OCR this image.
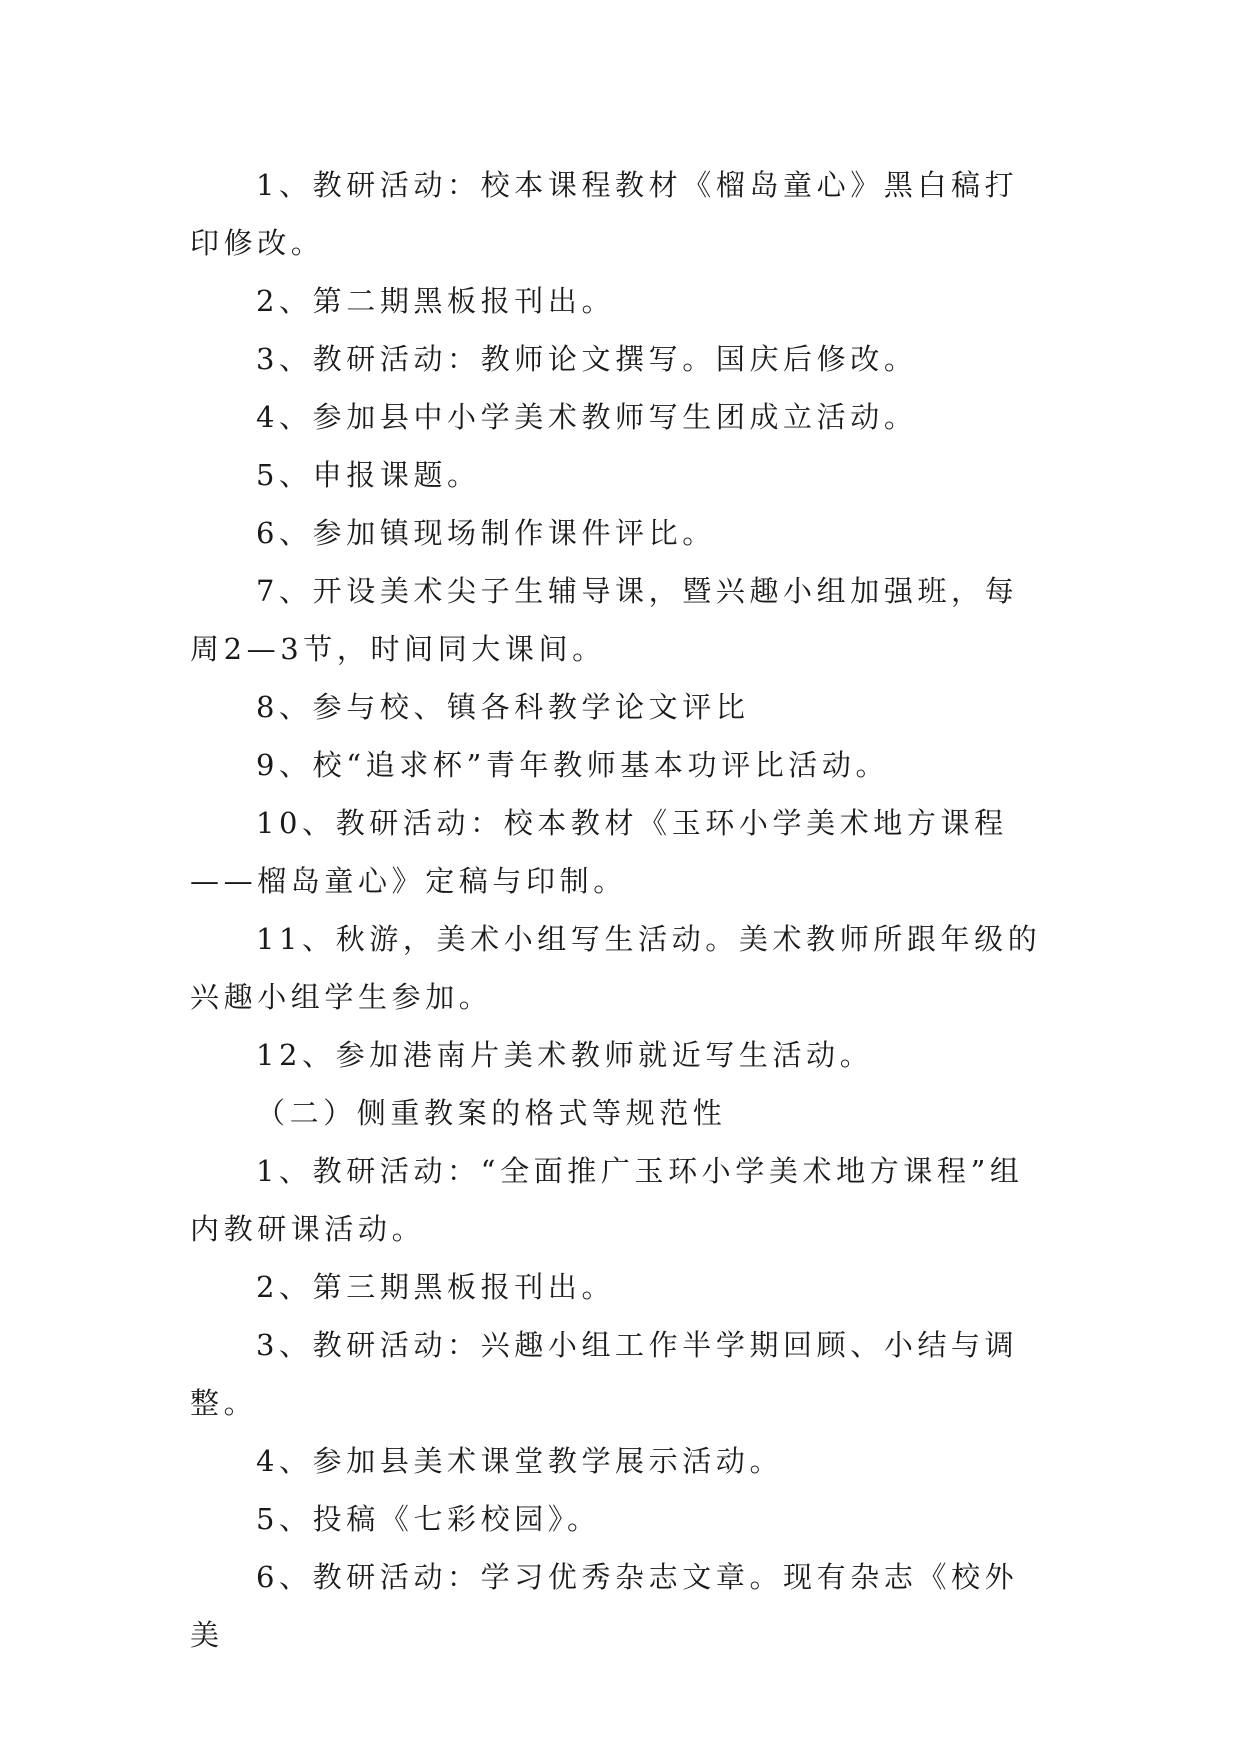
1、教研活动：校本课程教材《榴岛童心》黑白稿打印修改。

2、第二期黑板报刊出。

3、教研活动：教师论文撰写。国庆后修改。

4、参加县中小学美术教师写生团成立活动。

5、申报课题。

6、参加镇现场制作课件评比。

7、开设美术尖子生辅导课，暨兴趣小组加强班，每周2—3节，时间同大课间。

8、参与校、镇各科教学论文评比

9、校“追求杯”青年教师基本功评比活动。

10、教研活动：校本教材《玉环小学美术地方课程——榴岛童心》定稿与印制。

11、秋游，美术小组写生活动。美术教师所跟年级的兴趣小组学生参加。

12、参加港南片美术教师就近写生活动。

（二）侧重教案的格式等规范性

1、教研活动：“全面推广玉环小学美术地方课程”组内教研课活动。

2、第三期黑板报刊出。

3、教研活动：兴趣小组工作半学期回顾、小结与调整。

4、参加县美术课堂教学展示活动。

5、投稿《七彩校园》。

6、教研活动：学习优秀杂志文章。现有杂志《校外美
